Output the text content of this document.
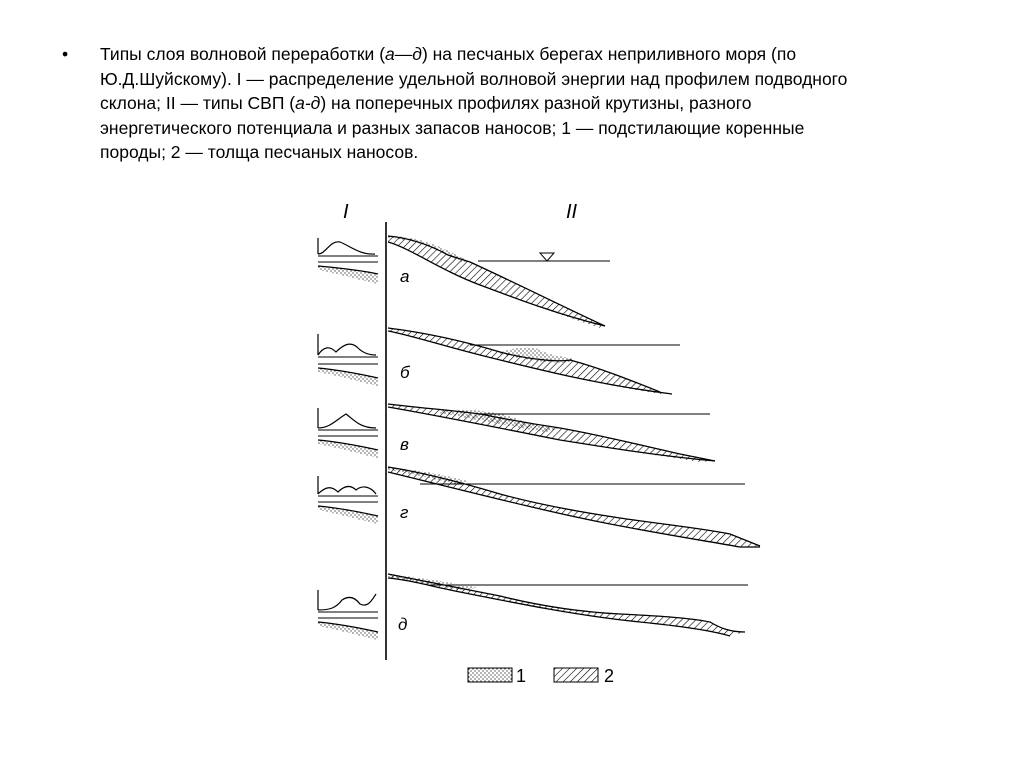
•	Типы слоя волновой переработки (а—д) на песчаных берегах неприливного моря (по
Ю.Д.Шуйскому). I — распределение удельной волновой энергии над профилем подводного
склона; II — типы СВП (а-д) на поперечных профилях разной крутизны, разного
энергетического потенциала и разных запасов наносов; 1 — подстилающие коренные
породы; 2 — толща песчаных наносов.
I	II
а
б
в
г
д
1	2
